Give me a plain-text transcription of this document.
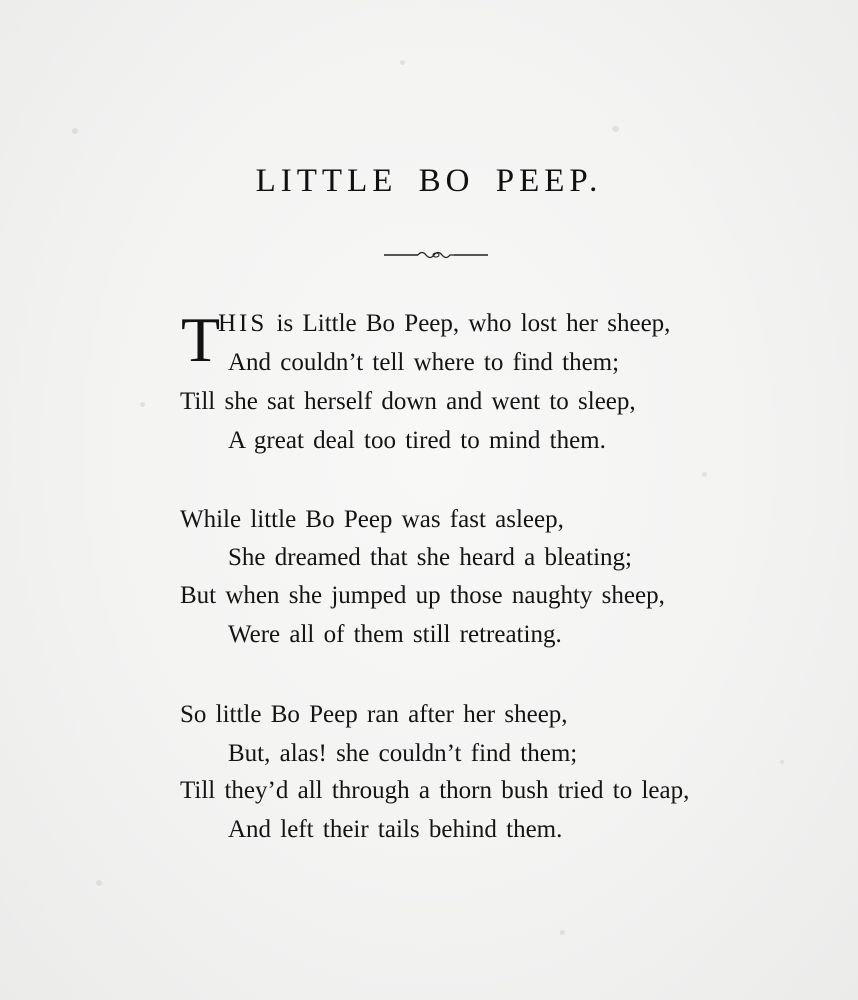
LITTLE BO PEEP.
T
HIS is Little Bo Peep, who lost her sheep,
And couldn’t tell where to find them;
Till she sat herself down and went to sleep,
A great deal too tired to mind them.
While little Bo Peep was fast asleep,
She dreamed that she heard a bleating;
But when she jumped up those naughty sheep,
Were all of them still retreating.
So little Bo Peep ran after her sheep,
But, alas! she couldn’t find them;
Till they’d all through a thorn bush tried to leap,
And left their tails behind them.
